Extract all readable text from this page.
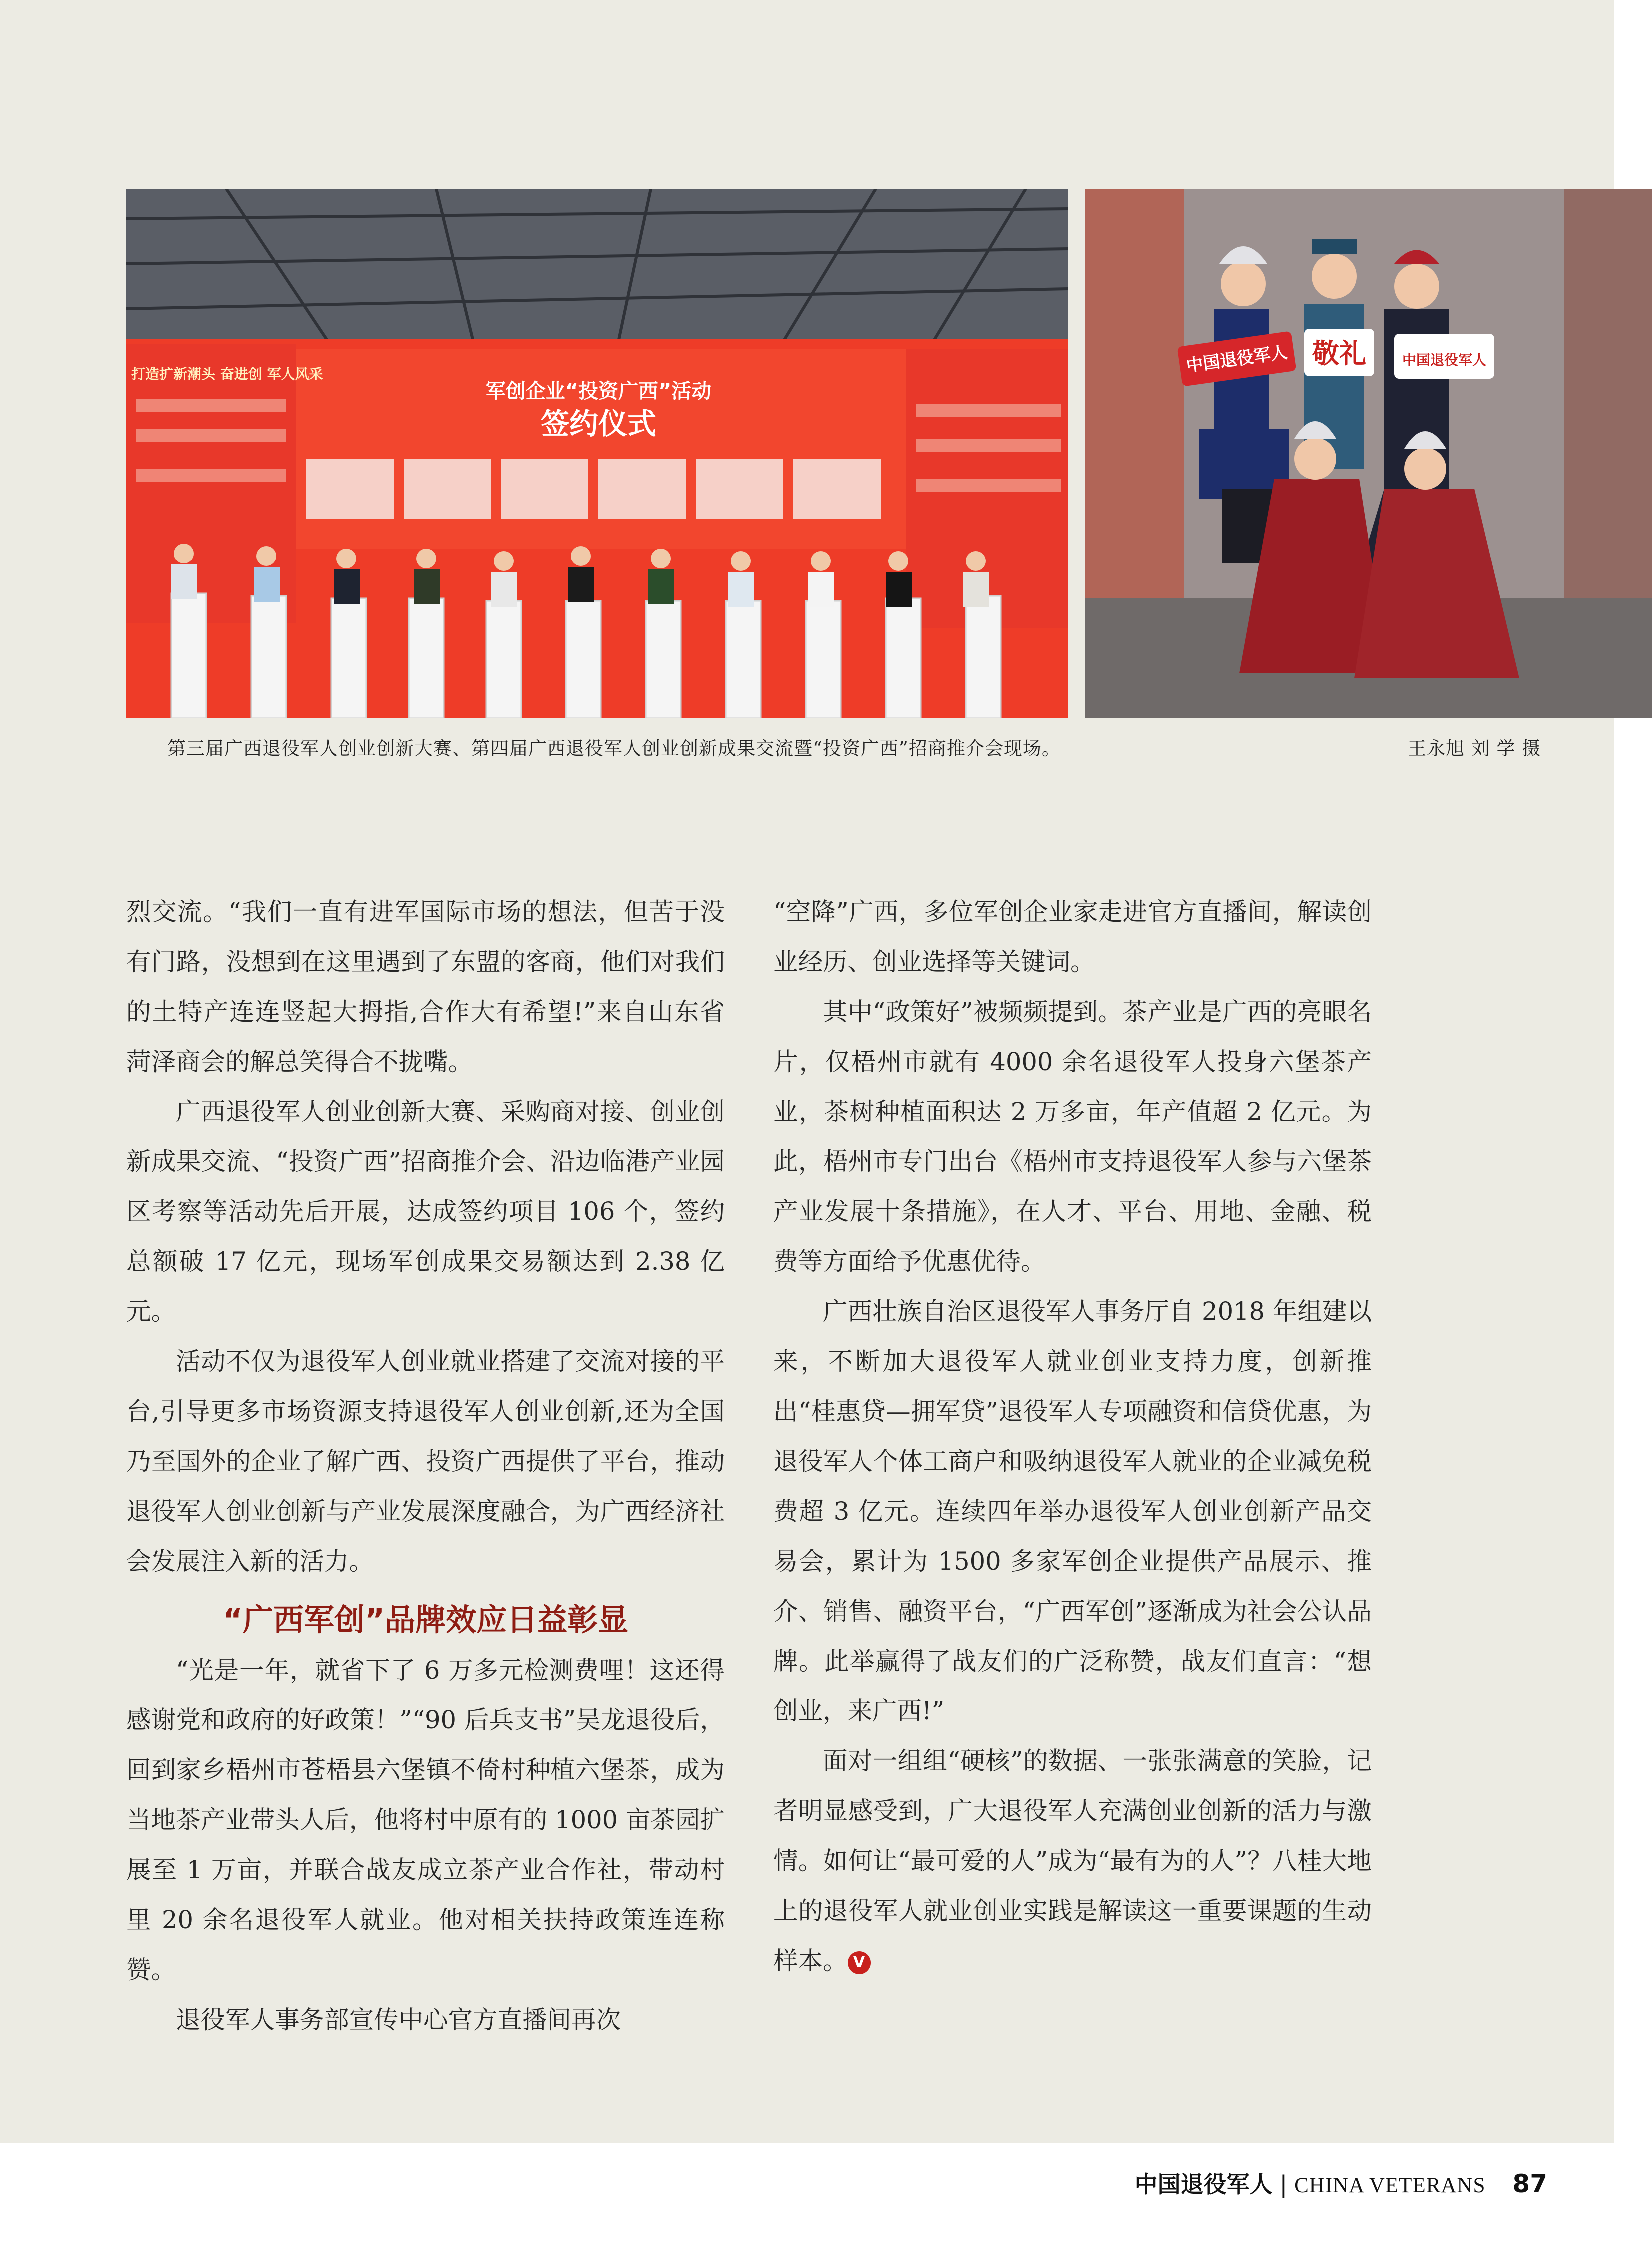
军创企业“投资广西”活动
签约仪式
打造扩新潮头 奋进创 军人风采	中国退役军人 敬礼	中国退役军人
第三届广西退役军人创业创新大赛、第四届广西退役军人创业创新成果交流暨“投资广西”招商推介会现场。	王永旭 刘 学 摄

烈交流。“我们一直有进军国际市场的想法，但苦于没有门路，没想到在这里遇到了东盟的客商，他们对我们的土特产连连竖起大拇指,合作大有希望!”来自山东省菏泽商会的解总笑得合不拢嘴。

广西退役军人创业创新大赛、采购商对接、创业创新成果交流、“投资广西”招商推介会、沿边临港产业园区考察等活动先后开展，达成签约项目 106 个，签约总额破 17 亿元，现场军创成果交易额达到 2.38 亿元。

活动不仅为退役军人创业就业搭建了交流对接的平台,引导更多市场资源支持退役军人创业创新,还为全国乃至国外的企业了解广西、投资广西提供了平台，推动退役军人创业创新与产业发展深度融合，为广西经济社会发展注入新的活力。

“广西军创”品牌效应日益彰显

“光是一年，就省下了 6 万多元检测费哩！这还得感谢党和政府的好政策！”“90 后兵支书”吴龙退役后，回到家乡梧州市苍梧县六堡镇不倚村种植六堡茶，成为当地茶产业带头人后，他将村中原有的 1000 亩茶园扩展至 1 万亩，并联合战友成立茶产业合作社，带动村里 20 余名退役军人就业。他对相关扶持政策连连称赞。

退役军人事务部宣传中心官方直播间再次

“空降”广西，多位军创企业家走进官方直播间，解读创业经历、创业选择等关键词。

其中“政策好”被频频提到。茶产业是广西的亮眼名片，仅梧州市就有 4000 余名退役军人投身六堡茶产业，茶树种植面积达 2 万多亩，年产值超 2 亿元。为此，梧州市专门出台《梧州市支持退役军人参与六堡茶产业发展十条措施》，在人才、平台、用地、金融、税费等方面给予优惠优待。

广西壮族自治区退役军人事务厅自 2018 年组建以来，不断加大退役军人就业创业支持力度，创新推出“桂惠贷—拥军贷”退役军人专项融资和信贷优惠，为退役军人个体工商户和吸纳退役军人就业的企业减免税费超 3 亿元。连续四年举办退役军人创业创新产品交易会，累计为 1500 多家军创企业提供产品展示、推介、销售、融资平台，“广西军创”逐渐成为社会公认品牌。此举赢得了战友们的广泛称赞，战友们直言：“想创业，来广西!”

面对一组组“硬核”的数据、一张张满意的笑脸，记者明显感受到，广大退役军人充满创业创新的活力与激情。如何让“最可爱的人”成为“最有为的人”？八桂大地上的退役军人就业创业实践是解读这一重要课题的生动样本。 V

中国退役军人 | CHINA VETERANS 87
